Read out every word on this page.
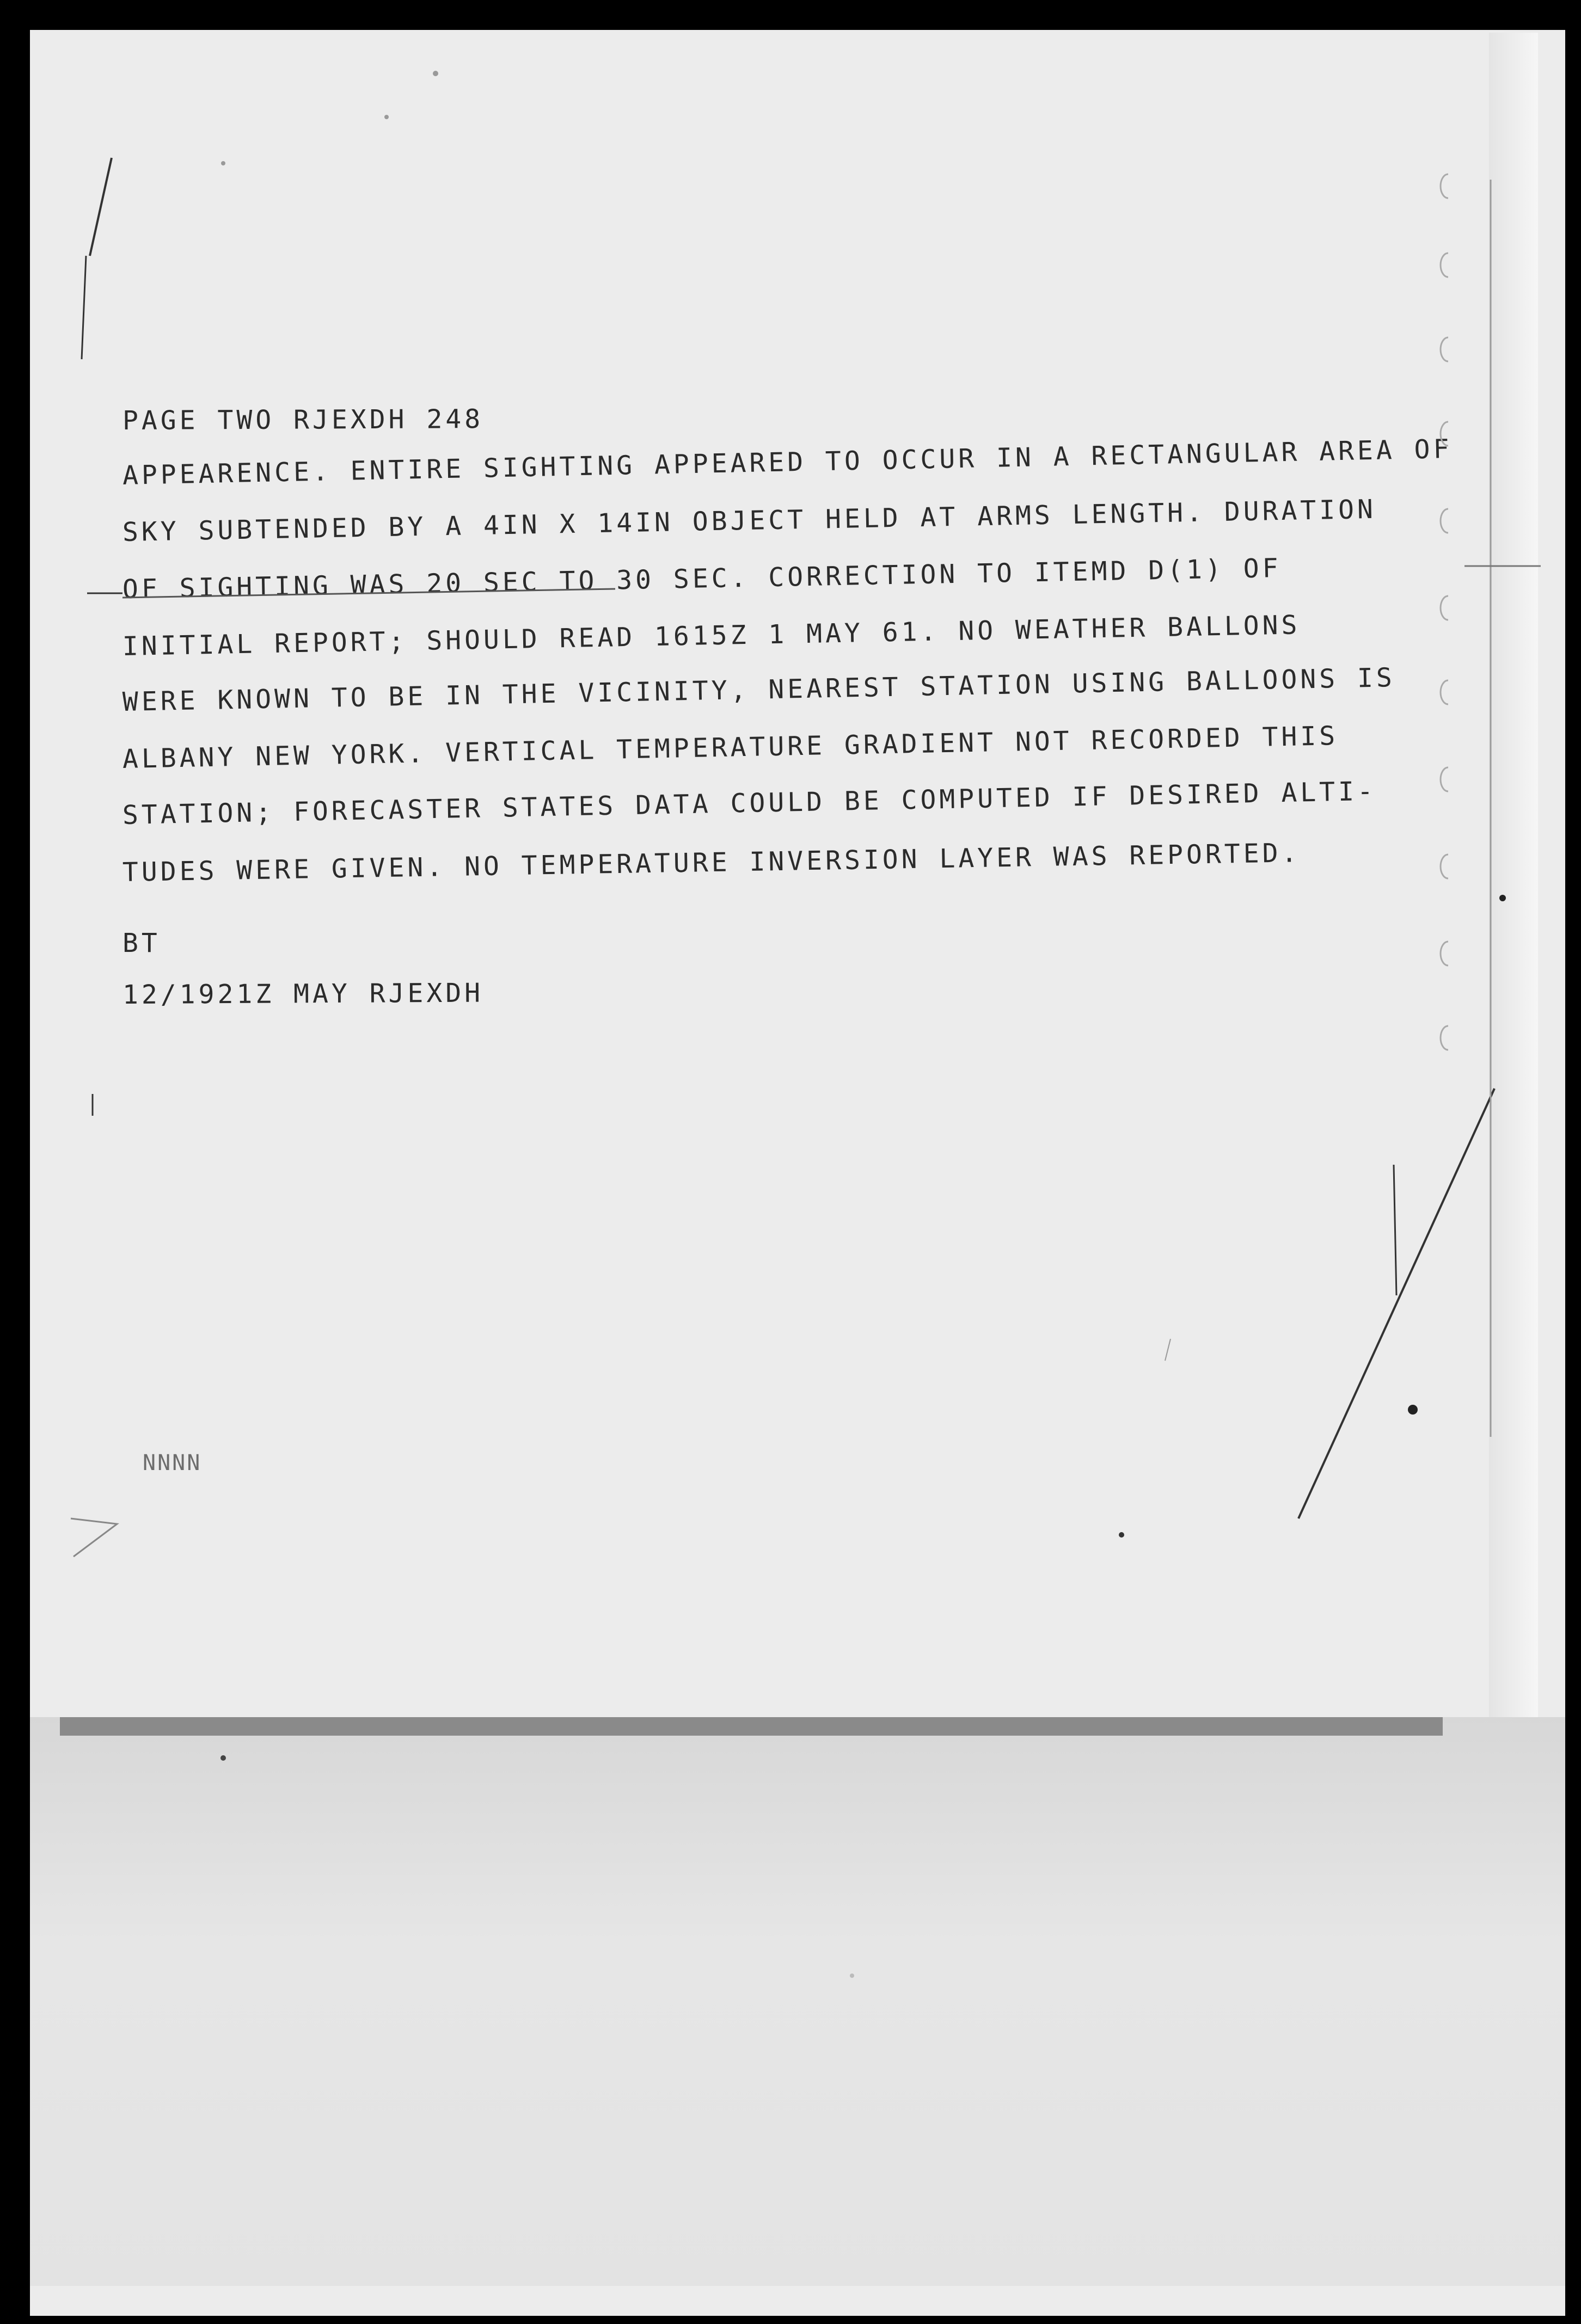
PAGE TWO RJEXDH 248
APPEARENCE. ENTIRE SIGHTING APPEARED TO OCCUR IN A RECTANGULAR AREA OF
SKY SUBTENDED BY A 4IN X 14IN OBJECT HELD AT ARMS LENGTH. DURATION
OF SIGHTING WAS 20 SEC TO 30 SEC. CORRECTION TO ITEMD D(1) OF
INITIAL REPORT; SHOULD READ 1615Z 1 MAY 61. NO WEATHER BALLONS
WERE KNOWN TO BE IN THE VICINITY, NEAREST STATION USING BALLOONS IS
ALBANY NEW YORK. VERTICAL TEMPERATURE GRADIENT NOT RECORDED THIS
STATION; FORECASTER STATES DATA COULD BE COMPUTED IF DESIRED ALTI-
TUDES WERE GIVEN. NO TEMPERATURE INVERSION LAYER WAS REPORTED.
BT
12/1921Z MAY RJEXDH
NNNN
